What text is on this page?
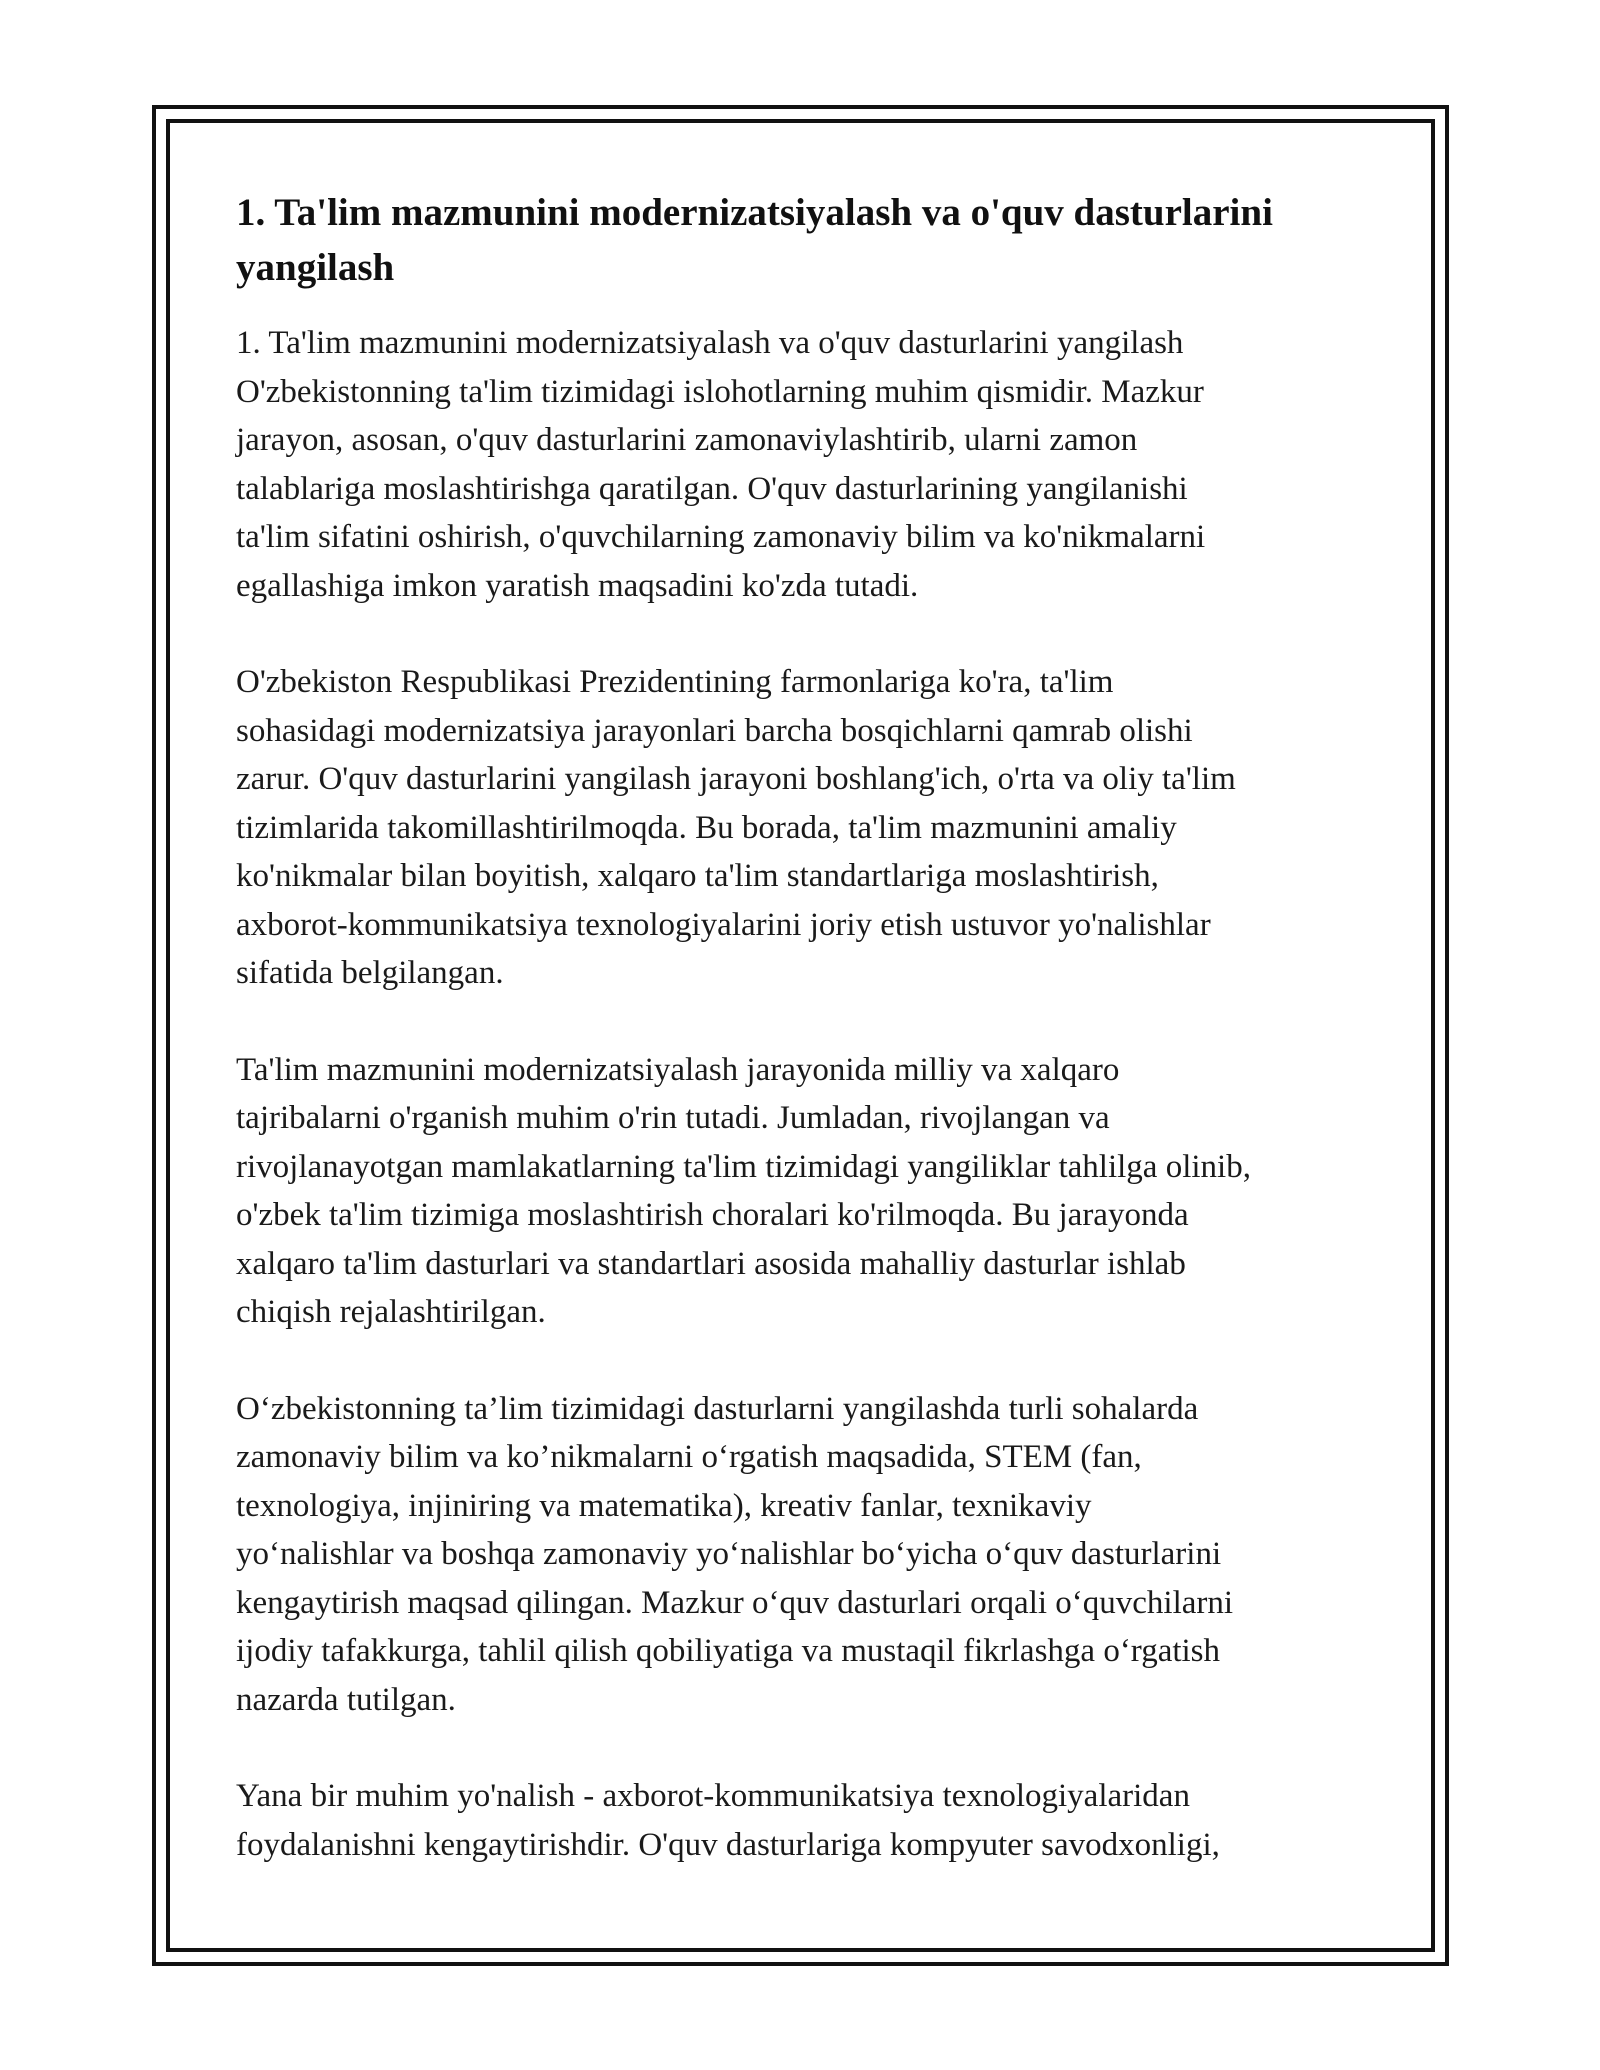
1. Ta'lim mazmunini modernizatsiyalash va o'quv dasturlarini
yangilash
1. Ta'lim mazmunini modernizatsiyalash va o'quv dasturlarini yangilash
O'zbekistonning ta'lim tizimidagi islohotlarning muhim qismidir. Mazkur
jarayon, asosan, o'quv dasturlarini zamonaviylashtirib, ularni zamon
talablariga moslashtirishga qaratilgan. O'quv dasturlarining yangilanishi
ta'lim sifatini oshirish, o'quvchilarning zamonaviy bilim va ko'nikmalarni
egallashiga imkon yaratish maqsadini ko'zda tutadi.
O'zbekiston Respublikasi Prezidentining farmonlariga ko'ra, ta'lim
sohasidagi modernizatsiya jarayonlari barcha bosqichlarni qamrab olishi
zarur. O'quv dasturlarini yangilash jarayoni boshlang'ich, o'rta va oliy ta'lim
tizimlarida takomillashtirilmoqda. Bu borada, ta'lim mazmunini amaliy
ko'nikmalar bilan boyitish, xalqaro ta'lim standartlariga moslashtirish,
axborot-kommunikatsiya texnologiyalarini joriy etish ustuvor yo'nalishlar
sifatida belgilangan.
Ta'lim mazmunini modernizatsiyalash jarayonida milliy va xalqaro
tajribalarni o'rganish muhim o'rin tutadi. Jumladan, rivojlangan va
rivojlanayotgan mamlakatlarning ta'lim tizimidagi yangiliklar tahlilga olinib,
o'zbek ta'lim tizimiga moslashtirish choralari ko'rilmoqda. Bu jarayonda
xalqaro ta'lim dasturlari va standartlari asosida mahalliy dasturlar ishlab
chiqish rejalashtirilgan.
O‘zbekistonning ta’lim tizimidagi dasturlarni yangilashda turli sohalarda
zamonaviy bilim va ko’nikmalarni o‘rgatish maqsadida, STEM (fan,
texnologiya, injiniring va matematika), kreativ fanlar, texnikaviy
yo‘nalishlar va boshqa zamonaviy yo‘nalishlar bo‘yicha o‘quv dasturlarini
kengaytirish maqsad qilingan. Mazkur o‘quv dasturlari orqali o‘quvchilarni
ijodiy tafakkurga, tahlil qilish qobiliyatiga va mustaqil fikrlashga o‘rgatish
nazarda tutilgan.
Yana bir muhim yo'nalish - axborot-kommunikatsiya texnologiyalaridan
foydalanishni kengaytirishdir. O'quv dasturlariga kompyuter savodxonligi,
